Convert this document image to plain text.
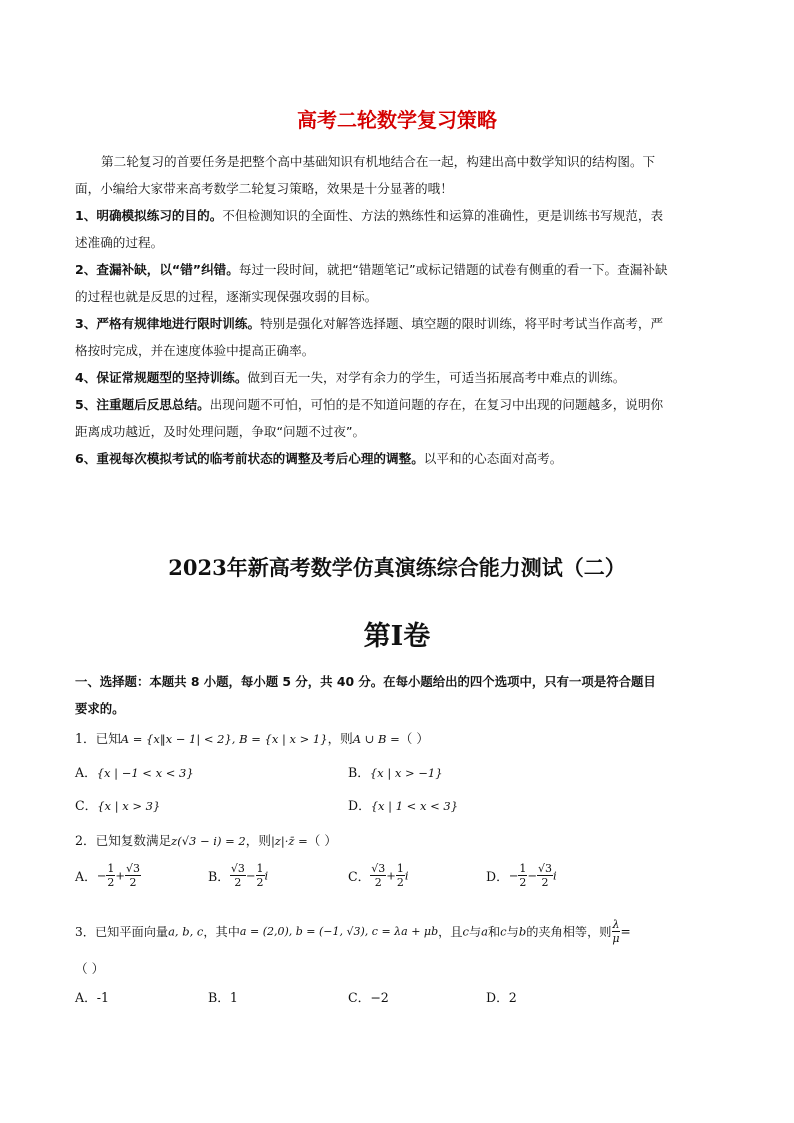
高考二轮数学复习策略
第二轮复习的首要任务是把整个高中基础知识有机地结合在一起，构建出高中数学知识的结构图。下
面，小编给大家带来高考数学二轮复习策略，效果是十分显著的哦！
1、明确模拟练习的目的。不但检测知识的全面性、方法的熟练性和运算的准确性，更是训练书写规范，表
述准确的过程。
2、查漏补缺，以“错”纠错。每过一段时间，就把“错题笔记”或标记错题的试卷有侧重的看一下。查漏补缺
的过程也就是反思的过程，逐渐实现保强攻弱的目标。
3、严格有规律地进行限时训练。特别是强化对解答选择题、填空题的限时训练，将平时考试当作高考，严
格按时完成，并在速度体验中提高正确率。
4、保证常规题型的坚持训练。做到百无一失，对学有余力的学生，可适当拓展高考中难点的训练。
5、注重题后反思总结。出现问题不可怕，可怕的是不知道问题的存在，在复习中出现的问题越多，说明你
距离成功越近，及时处理问题，争取“问题不过夜”。
6、重视每次模拟考试的临考前状态的调整及考后心理的调整。以平和的心态面对高考。
2023年新高考数学仿真演练综合能力测试（二）
第Ⅰ卷
一、选择题：本题共 8 小题，每小题 5 分，共 40 分。在每小题给出的四个选项中，只有一项是符合题目
要求的。
1．已知A = {x‖x − 1| < 2}, B = {x | x > 1}，则A ∪ B =（ ）
A．{x | −1 < x < 3}	B．{x | x > −1}
C．{x | x > 3}	D．{x | 1 < x < 3}
2．已知复数满足z(√3 − i) = 2，则|z|·z̄ =（ ）
A．− $\frac{1}{2} + \frac{√3}{2}$	B． $\frac{√3}{2} - \frac{1}{2}$ i	C． $\frac{√3}{2} + \frac{1}{2}$ i	D．− $\frac{1}{2} - \frac{√3}{2}$ i
3．已知平面向量a, b, c，其中a = (2,0), b = (−1, √3), c = λa + μb，且c与a和c与b的夹角相等，则 $\frac{\lambda}{\mu}$ =
（ ）
A．-1	B．1	C．−2	D．2
